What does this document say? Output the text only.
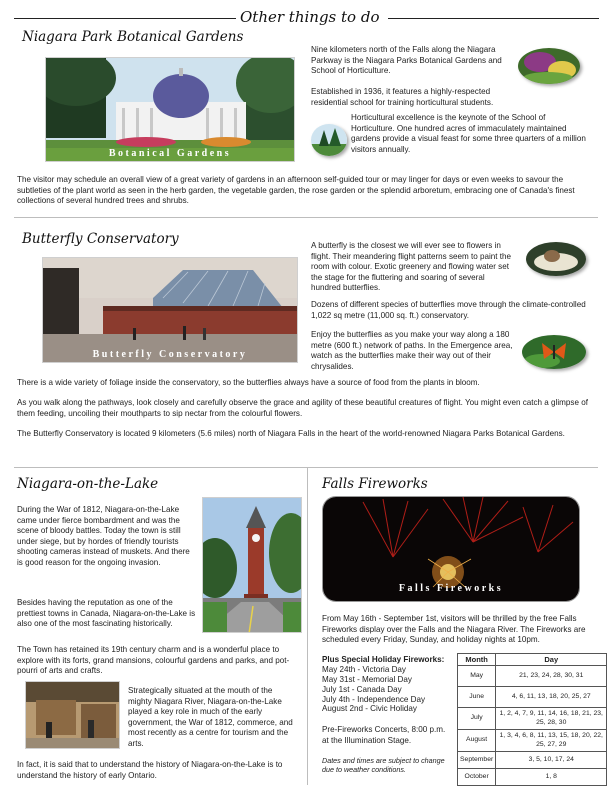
Other things to do
Niagara Park Botanical Gardens
Botanical Gardens
Nine kilometers north of the Falls along the Niagara Parkway is the Niagara Parks Botanical Gardens and School of Horticulture.
Established in 1936, it features a highly-respected residential school for training horticultural students.
Horticultural excellence is the keynote of the School of Horticulture. One hundred acres of immaculately maintained gardens provide a visual feast for some three quarters of a million visitors annually.
The visitor may schedule an overall view of a great variety of gardens in an afternoon self-guided tour or may linger for days or even weeks to savour the subtleties of the plant world as seen in the herb garden, the vegetable garden, the rose garden or the splendid arboretum, embracing one of Canada's finest collections of several hundred trees and shrubs.
Butterfly Conservatory
Butterfly Conservatory
A butterfly is the closest we will ever see to flowers in flight. Their meandering flight patterns seem to paint the room with colour. Exotic greenery and flowing water set the stage for the fluttering and soaring of several hundred butterflies.
Dozens of different species of butterflies move through the climate-controlled 1,022 sq metre (11,000 sq. ft.) conservatory.
Enjoy the butterflies as you make your way along a 180 metre (600 ft.) network of paths. In the Emergence area, watch as the butterflies make their way out of their chrysalides.
There is a wide variety of foliage inside the conservatory, so the butterflies always have a source of food from the plants in bloom.
As you walk along the pathways, look closely and carefully observe the grace and agility of these beautiful creatures of flight. You might even catch a glimpse of them feeding, uncoiling their mouthparts to sip nectar from the colourful flowers.
The Butterfly Conservatory is located 9 kilometers (5.6 miles) north of Niagara Falls in the heart of the world-renowned Niagara Parks Botanical Gardens.
Niagara-on-the-Lake
During the War of 1812, Niagara-on-the-Lake came under fierce bombardment and was the scene of bloody battles. Today the town is still under siege, but by hordes of friendly tourists shooting cameras instead of muskets. And there is good reason for the ongoing invasion.
Besides having the reputation as one of the prettiest towns in Canada, Niagara-on-the-Lake is also one of the most fascinating historically.
The Town has retained its 19th century charm and is a wonderful place to explore with its forts, grand mansions, colourful gardens and parks, and pot-pourri of arts and crafts.
Strategically situated at the mouth of the mighty Niagara River, Niagara-on-the-Lake played a key role in much of the early government, the War of 1812, commerce, and most recently as a centre for tourism and the arts.
In fact, it is said that to understand the history of Niagara-on-the-Lake is to understand the history of early Ontario.
Falls Fireworks
Falls Fireworks
From May 16th - September 1st, visitors will be thrilled by the free Falls Fireworks display over the Falls and the Niagara River. The Fireworks are scheduled every Friday, Sunday, and holiday nights at 10pm.
Plus Special Holiday Fireworks:
May 24th - Victoria Day
May 31st - Memorial Day
July 1st - Canada Day
July 4th - Independence Day
August 2nd - Civic Holiday
Pre-Fireworks Concerts, 8:00 p.m. at the Illumination Stage.
Dates and times are subject to change due to weather conditions.
Month	Day
May	21, 23, 24, 28, 30, 31
June	4, 6, 11, 13, 18, 20, 25, 27
July	1, 2, 4, 7, 9, 11, 14, 16, 18, 21, 23, 25, 28, 30
August	1, 3, 4, 6, 8, 11, 13, 15, 18, 20, 22, 25, 27, 29
September	3, 5, 10, 17, 24
October	1, 8
